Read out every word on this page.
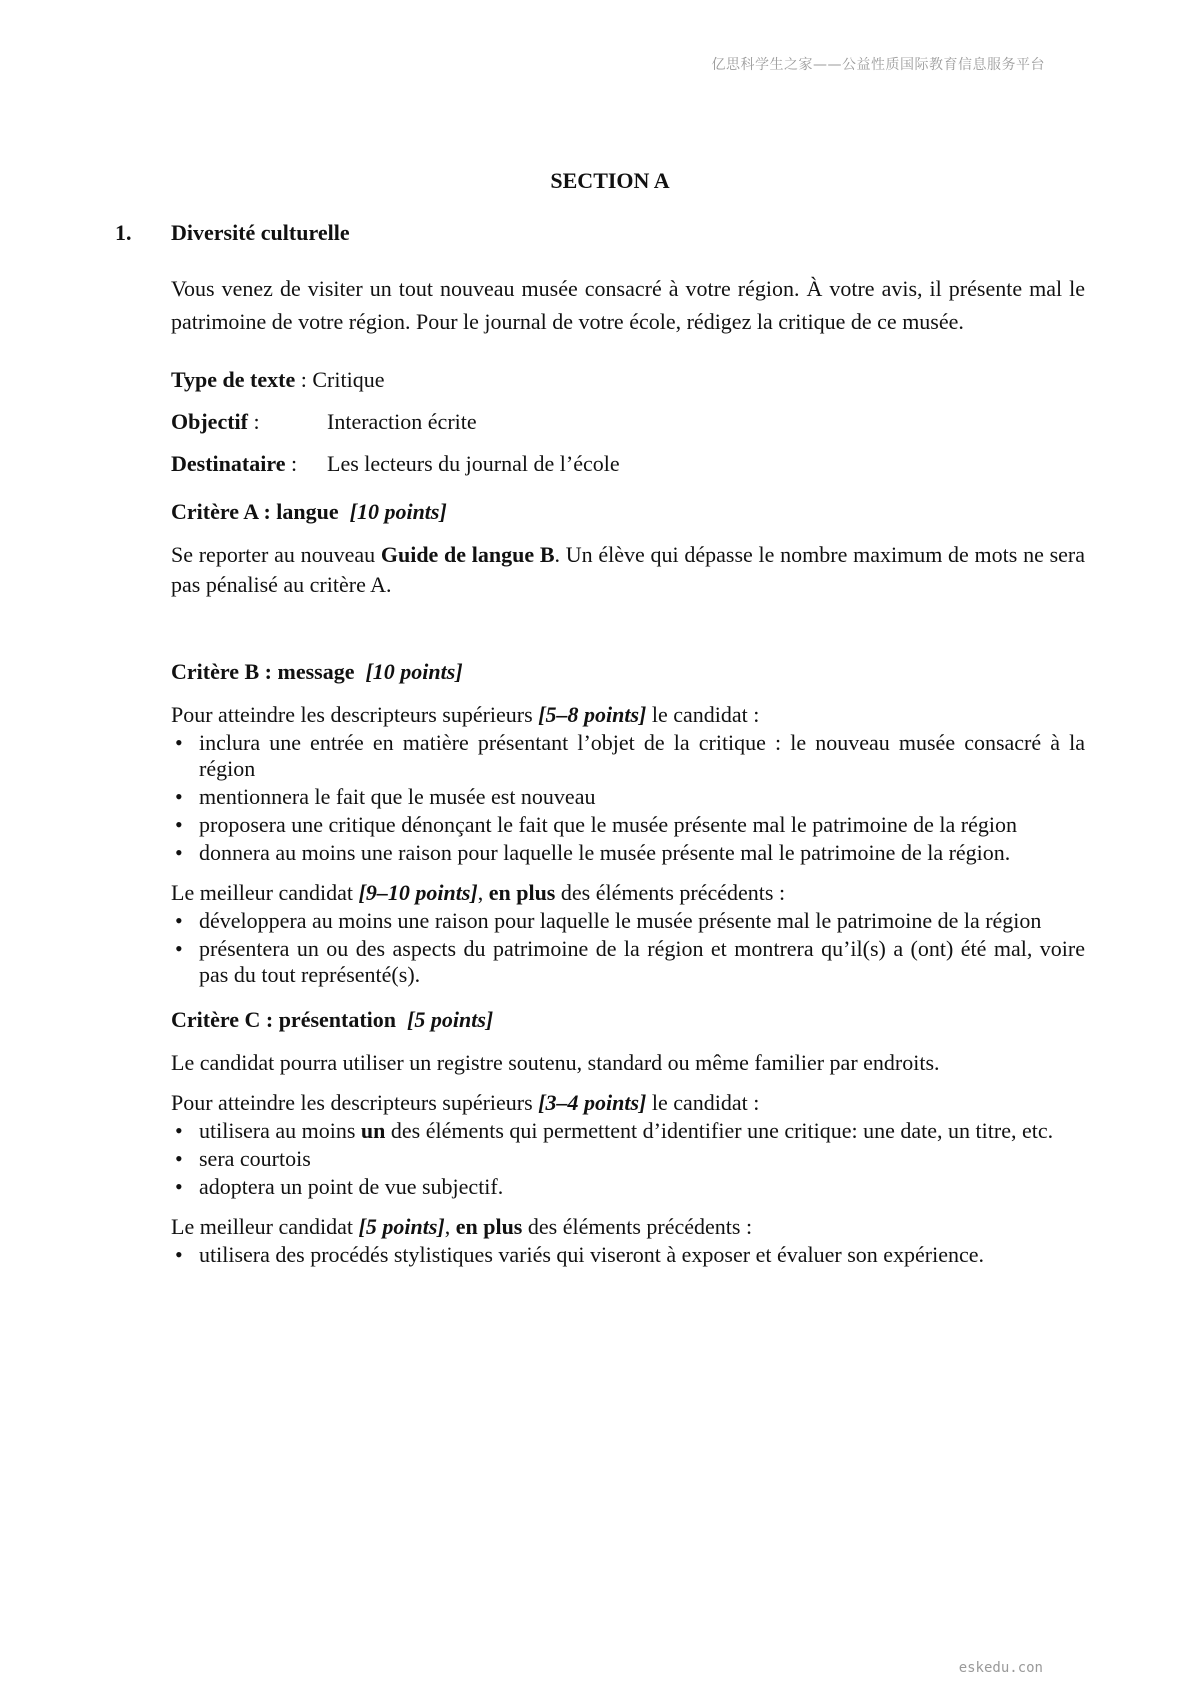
亿思科学生之家——公益性质国际教育信息服务平台

SECTION A

1.	Diversité culturelle

Vous venez de visiter un tout nouveau musée consacré à votre région. À votre avis, il présente mal le patrimoine de votre région. Pour le journal de votre école, rédigez la critique de ce musée.

Type de texte : Critique
Objectif :	Interaction écrite
Destinataire :	Les lecteurs du journal de l’école

Critère A : langue [10 points]

Se reporter au nouveau Guide de langue B. Un élève qui dépasse le nombre maximum de mots ne sera pas pénalisé au critère A.

Critère B : message [10 points]

Pour atteindre les descripteurs supérieurs [5–8 points] le candidat :

• inclura une entrée en matière présentant l’objet de la critique : le nouveau musée consacré à la région
• mentionnera le fait que le musée est nouveau
• proposera une critique dénonçant le fait que le musée présente mal le patrimoine de la région
• donnera au moins une raison pour laquelle le musée présente mal le patrimoine de la région.

Le meilleur candidat [9–10 points], en plus des éléments précédents :

• développera au moins une raison pour laquelle le musée présente mal le patrimoine de la région
• présentera un ou des aspects du patrimoine de la région et montrera qu’il(s) a (ont) été mal, voire pas du tout représenté(s).

Critère C : présentation [5 points]

Le candidat pourra utiliser un registre soutenu, standard ou même familier par endroits.

Pour atteindre les descripteurs supérieurs [3–4 points] le candidat :

• utilisera au moins un des éléments qui permettent d’identifier une critique: une date, un titre, etc.
• sera courtois
• adoptera un point de vue subjectif.

Le meilleur candidat [5 points], en plus des éléments précédents :

• utilisera des procédés stylistiques variés qui viseront à exposer et évaluer son expérience.
eskedu.con
